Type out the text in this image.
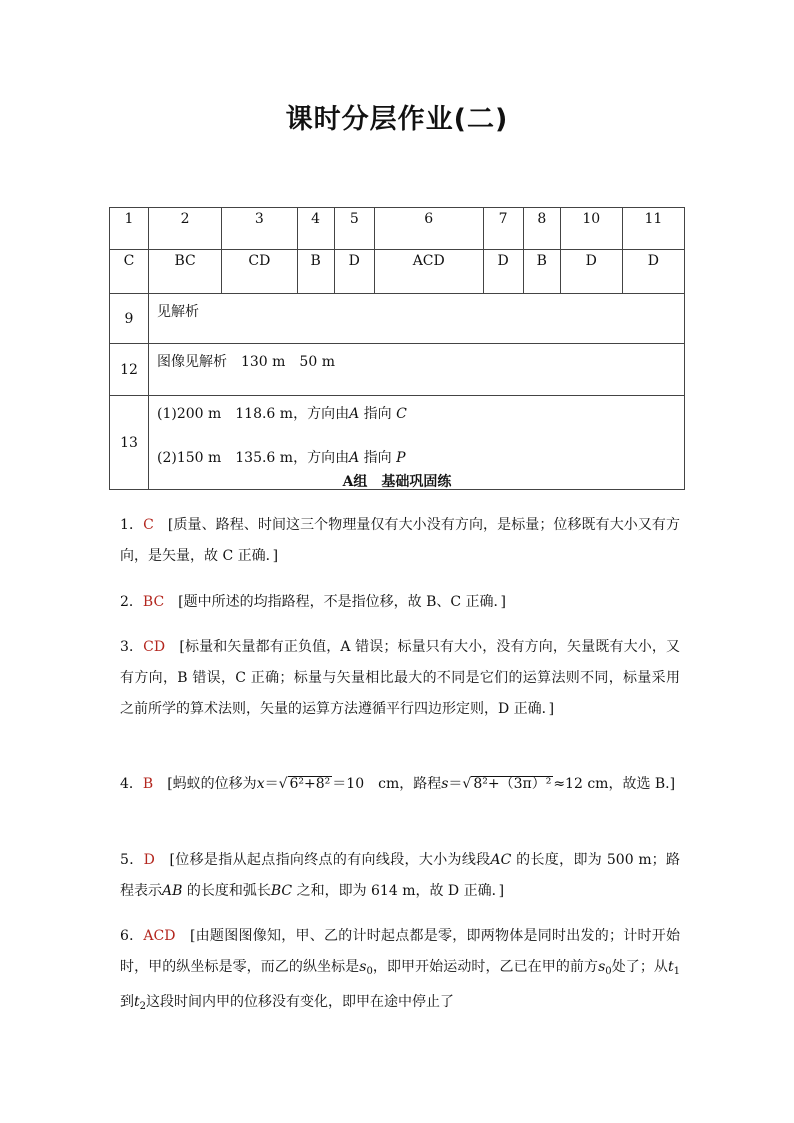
课时分层作业(二)
1	2	3	4	5	6	7	8	10	11
C	BC	CD	B	D	ACD	D	B	D	D
9	见解析								
12	图像见解析　130 m　50 m								
13	(1)200 m　118.6 m，方向由A 指向 C
(2)150 m　135.6 m，方向由A 指向 P								
A组　基础巩固练
1．C　[质量、路程、时间这三个物理量仅有大小没有方向，是标量；位移既有大小又有方向，是矢量，故 C 正确．]
2．BC　[题中所述的均指路程，不是指位移，故 B、C 正确．]
3．CD　[标量和矢量都有正负值，A 错误；标量只有大小，没有方向，矢量既有大小，又有方向，B 错误，C 正确；标量与矢量相比最大的不同是它们的运算法则不同，标量采用之前所学的算术法则，矢量的运算方法遵循平行四边形定则，D 正确．]
4．B　[蚂蚁的位移为x＝√ 6²+8² ＝10　cm，路程s＝√ 8²+（3π）² ≈12 cm，故选 B.]
5．D　[位移是指从起点指向终点的有向线段，大小为线段AC 的长度，即为 500 m；路程表示AB 的长度和弧长BC 之和，即为 614 m，故 D 正确．]
6．ACD　[由题图图像知，甲、乙的计时起点都是零，即两物体是同时出发的；计时开始时，甲的纵坐标是零，而乙的纵坐标是$s_0$，即甲开始运动时，乙已在甲的前方$s_0$处了；从$t_1$到$t_2$这段时间内甲的位移没有变化，即甲在途中停止了
